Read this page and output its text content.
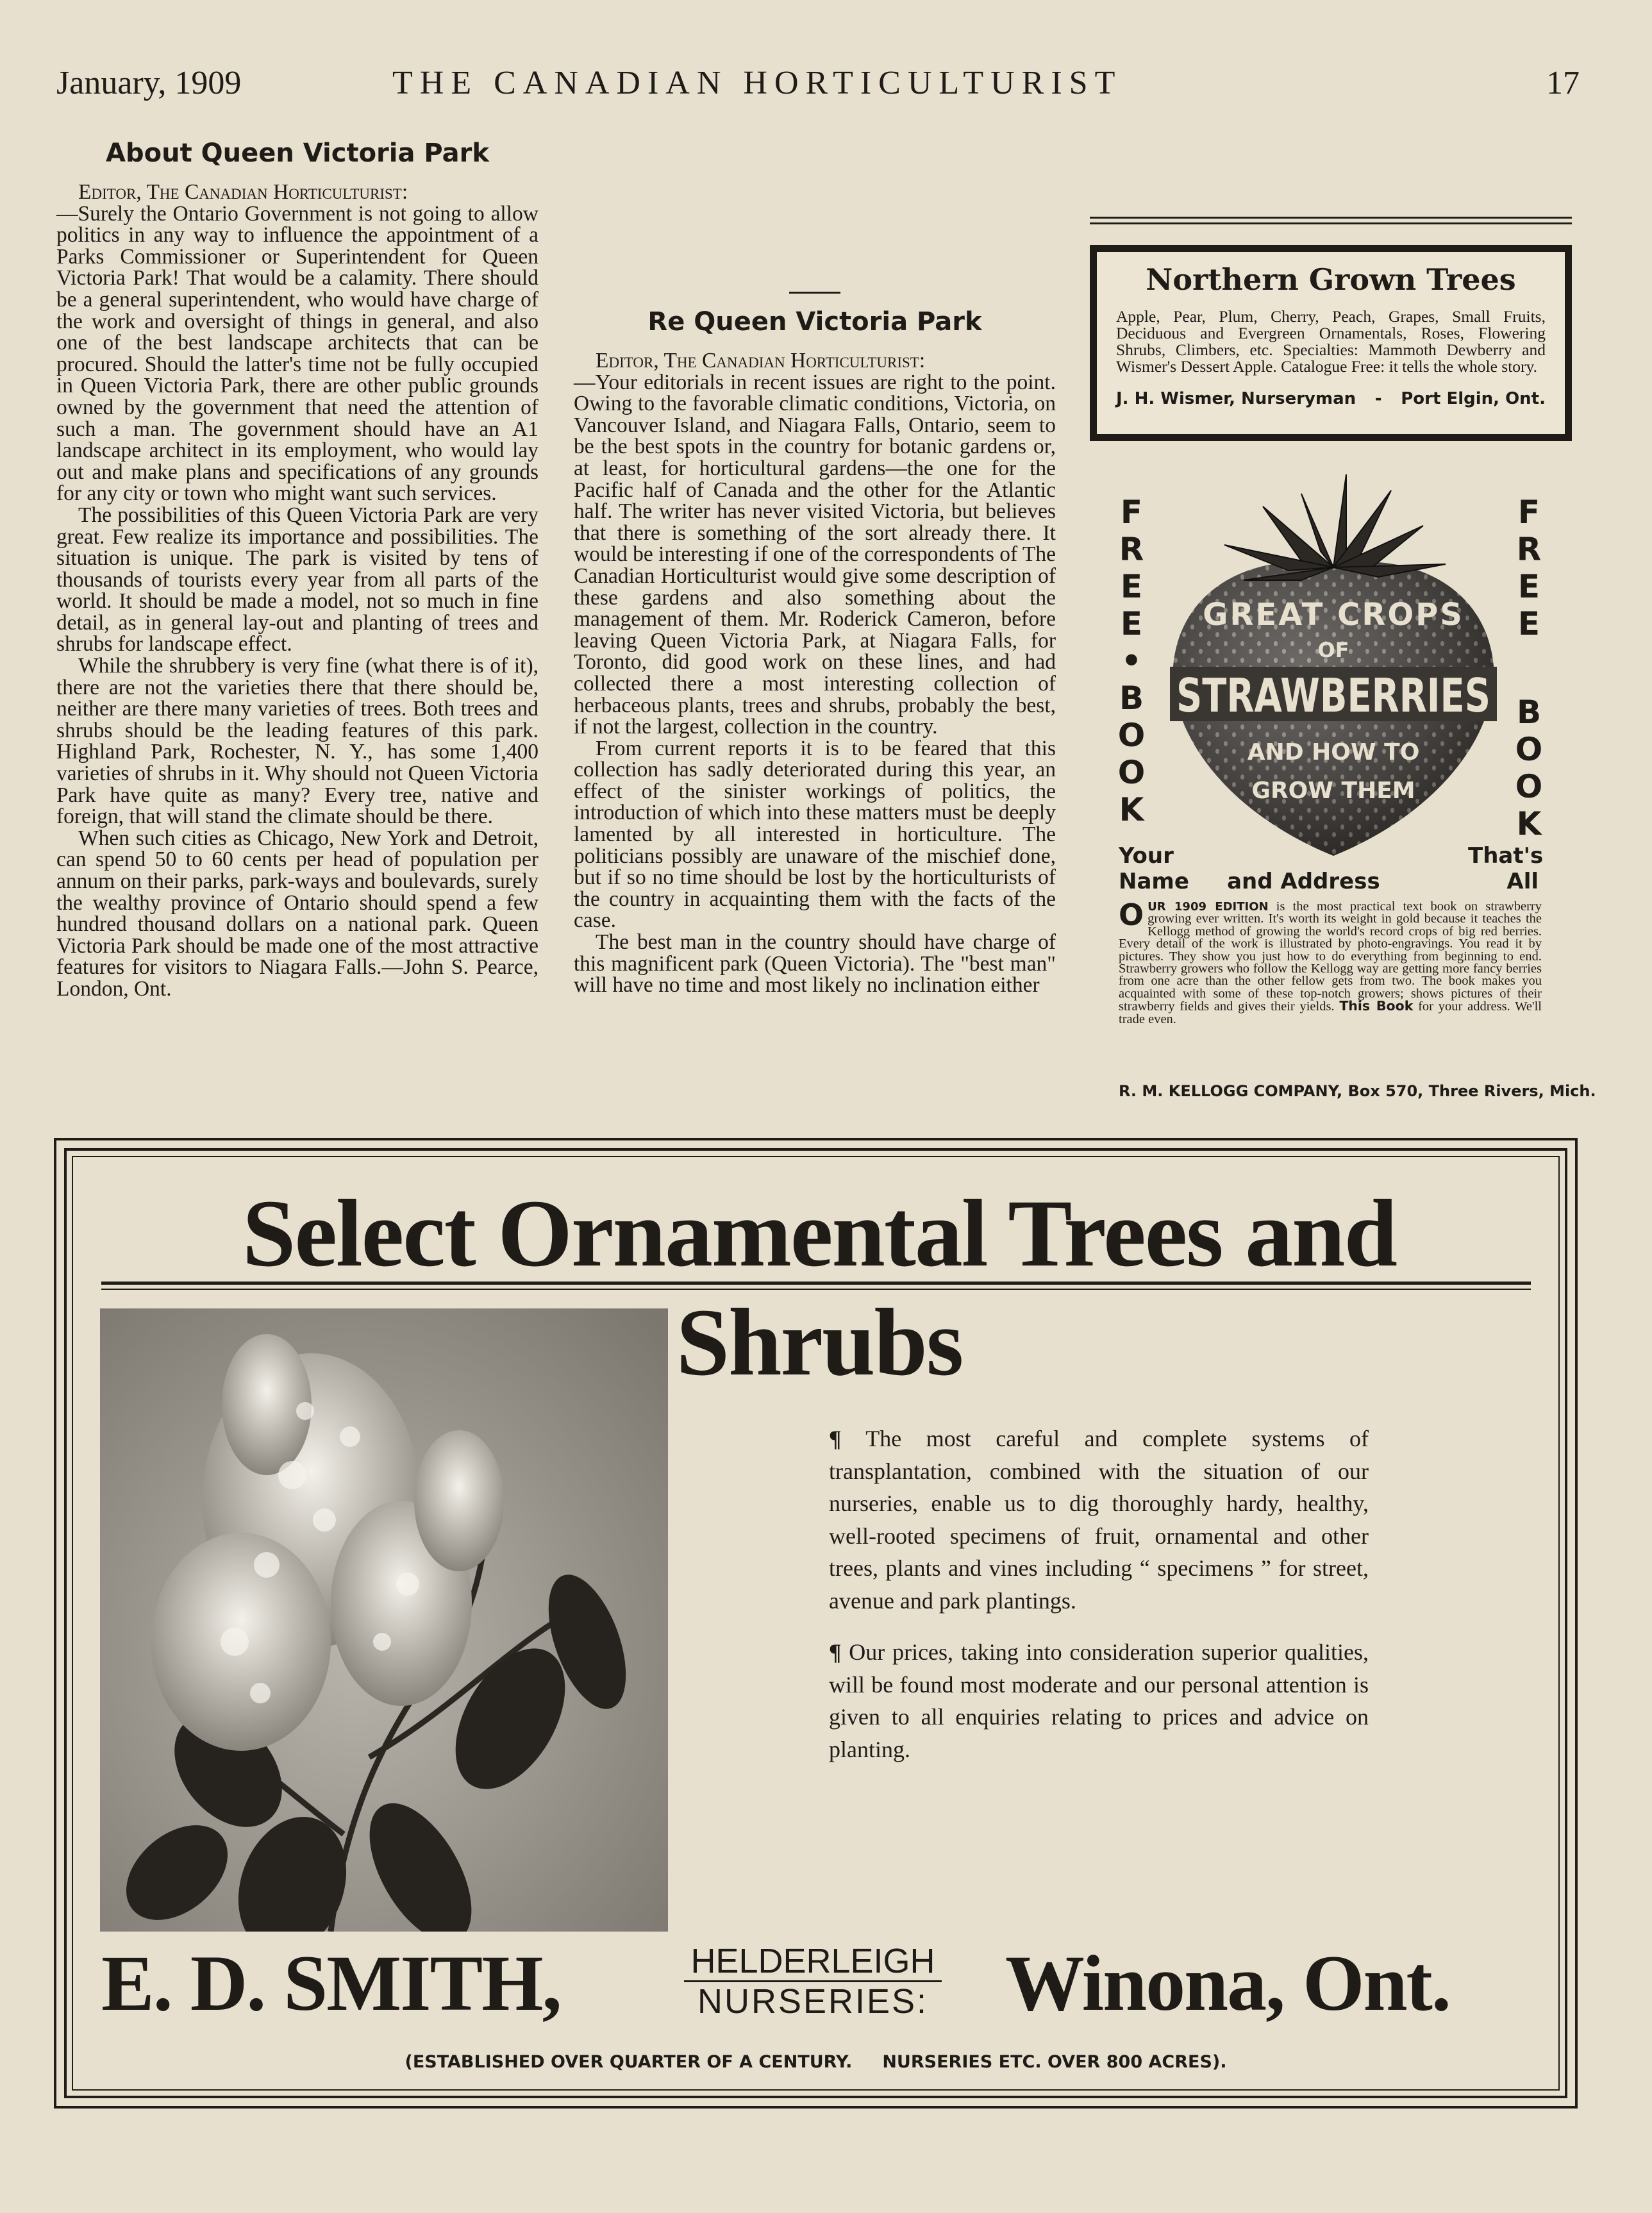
January, 1909	THE CANADIAN HORTICULTURIST	17
About Queen Victoria Park

Editor, The Canadian Horticulturist:

—Surely the Ontario Government is not going to allow politics in any way to influence the appointment of a Parks Commissioner or Superintendent for Queen Victoria Park! That would be a calamity. There should be a general superintendent, who would have charge of the work and oversight of things in general, and also one of the best landscape architects that can be procured. Should the latter's time not be fully occupied in Queen Victoria Park, there are other public grounds owned by the government that need the attention of such a man. The government should have an A1 landscape architect in its employment, who would lay out and make plans and specifications of any grounds for any city or town who might want such services.

The possibilities of this Queen Victoria Park are very great. Few realize its importance and possibilities. The situation is unique. The park is visited by tens of thousands of tourists every year from all parts of the world. It should be made a model, not so much in fine detail, as in general lay-out and planting of trees and shrubs for landscape effect.

While the shrubbery is very fine (what there is of it), there are not the varieties there that there should be, neither are there many varieties of trees. Both trees and shrubs should be the leading features of this park. Highland Park, Rochester, N. Y., has some 1,400 varieties of shrubs in it. Why should not Queen Victoria Park have quite as many? Every tree, native and foreign, that will stand the climate should be there.

When such cities as Chicago, New York and Detroit, can spend 50 to 60 cents per head of population per annum on their parks, park-ways and boulevards, surely the wealthy province of Ontario should spend a few hundred thousand dollars on a national park. Queen Victoria Park should be made one of the most attractive features for visitors to Niagara Falls.—John S. Pearce, London, Ont.

Re Queen Victoria Park

Editor, The Canadian Horticulturist:

—Your editorials in recent issues are right to the point. Owing to the favorable climatic conditions, Victoria, on Vancouver Island, and Niagara Falls, Ontario, seem to be the best spots in the country for botanic gardens or, at least, for horticultural gardens—the one for the Pacific half of Canada and the other for the Atlantic half. The writer has never visited Victoria, but believes that there is something of the sort already there. It would be interesting if one of the correspondents of The Canadian Horticulturist would give some description of these gardens and also something about the management of them. Mr. Roderick Cameron, before leaving Queen Victoria Park, at Niagara Falls, for Toronto, did good work on these lines, and had collected there a most interesting collection of herbaceous plants, trees and shrubs, probably the best, if not the largest, collection in the country.

From current reports it is to be feared that this collection has sadly deteriorated during this year, an effect of the sinister workings of politics, the introduction of which into these matters must be deeply lamented by all interested in horticulture. The politicians possibly are unaware of the mischief done, but if so no time should be lost by the horticulturists of the country in acquainting them with the facts of the case.

The best man in the country should have charge of this magnificent park (Queen Victoria). The "best man" will have no time and most likely no inclination either

Northern Grown Trees
Apple, Pear, Plum, Cherry, Peach, Grapes, Small Fruits, Deciduous and Evergreen Ornamentals, Roses, Flowering Shrubs, Climbers, etc. Specialties: Mammoth Dewberry and Wismer's Dessert Apple. Catalogue Free: it tells the whole story.
J. H. Wismer, Nurseryman - Port Elgin, Ont.
FREE
•
BOOK
FREE
BOOK
GREAT CROPS
OF
STRAWBERRIES
AND HOW TO
GROW THEM
Your	That's
Name     and Address	All
OUR 1909 EDITION is the most practical text book on strawberry growing ever written. It's worth its weight in gold because it teaches the Kellogg method of growing the world's record crops of big red berries. Every detail of the work is illustrated by photo-engravings. You read it by pictures. They show you just how to do everything from beginning to end. Strawberry growers who follow the Kellogg way are getting more fancy berries from one acre than the other fellow gets from two. The book makes you acquainted with some of these top-notch growers; shows pictures of their strawberry fields and gives their yields. This Book for your address. We'll trade even.
R. M. KELLOGG COMPANY, Box 570, Three Rivers, Mich.
Select Ornamental Trees and Shrubs

¶ The most careful and complete systems of transplantation, combined with the situation of our nurseries, enable us to dig thoroughly hardy, healthy, well-rooted specimens of fruit, ornamental and other trees, plants and vines including “ specimens ” for street, avenue and park plantings.

¶ Our prices, taking into consideration superior qualities, will be found most moderate and our personal attention is given to all enquiries relating to prices and advice on planting.

E. D. SMITH,	HELDERLEIGH
NURSERIES: Winona, Ont.
(ESTABLISHED OVER QUARTER OF A CENTURY.     NURSERIES ETC. OVER 800 ACRES).
